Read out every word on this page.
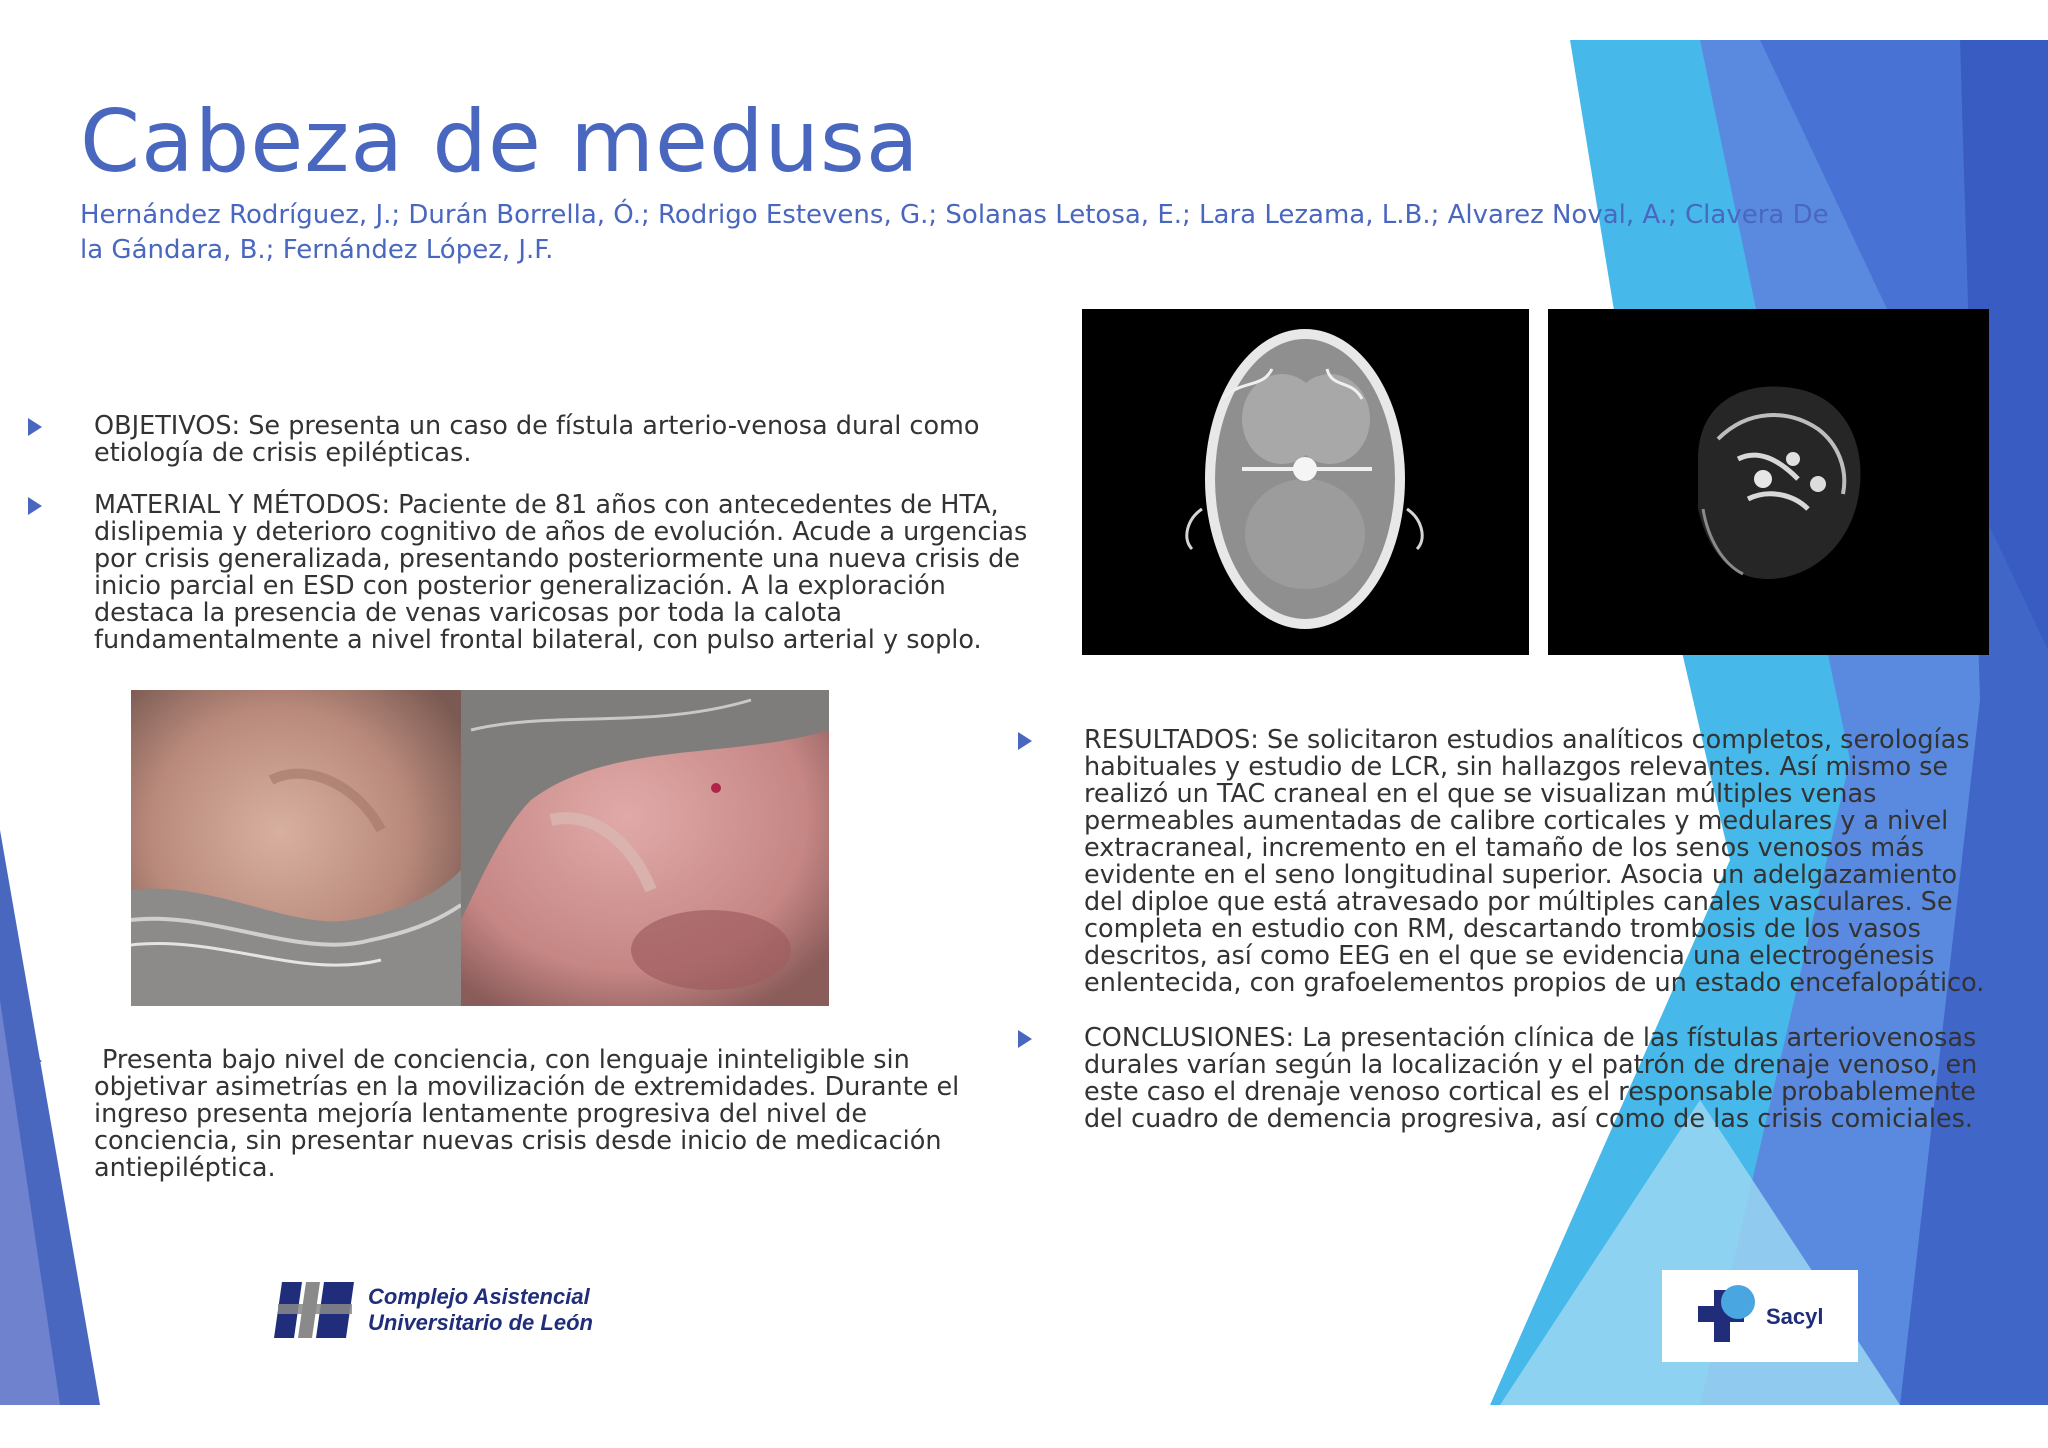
Cabeza de medusa
Hernández Rodríguez, J.; Durán Borrella, Ó.; Rodrigo Estevens, G.; Solanas Letosa, E.; Lara Lezama, L.B.; Alvarez Noval, A.; Clavera De la Gándara, B.; Fernández López, J.F.
OBJETIVOS: Se presenta un caso de fístula arterio-venosa dural como etiología de crisis epilépticas.
MATERIAL Y MÉTODOS: Paciente de 81 años con antecedentes de HTA, dislipemia y deterioro cognitivo de años de evolución. Acude a urgencias por crisis generalizada, presentando posteriormente una nueva crisis de inicio parcial en ESD con posterior generalización. A la exploración destaca la presencia de venas varicosas por toda la calota fundamentalmente a nivel frontal bilateral, con pulso arterial y soplo.
Presenta bajo nivel de conciencia, con lenguaje ininteligible sin objetivar asimetrías en la movilización de extremidades. Durante el ingreso presenta mejoría lentamente progresiva del nivel de conciencia, sin presentar nuevas crisis desde inicio de medicación antiepiléptica.
RESULTADOS: Se solicitaron estudios analíticos completos, serologías habituales y estudio de LCR, sin hallazgos relevantes. Así mismo se realizó un TAC craneal en el que se visualizan múltiples venas permeables aumentadas de calibre corticales y medulares y a nivel extracraneal, incremento en el tamaño de los senos venosos más evidente en el seno longitudinal superior. Asocia un adelgazamiento del diploe que está atravesado por múltiples canales vasculares. Se completa en estudio con RM, descartando trombosis de los vasos descritos, así como EEG en el que se evidencia una electrogénesis enlentecida, con grafoelementos propios de un estado encefalopático.
CONCLUSIONES: La presentación clínica de las fístulas arteriovenosas durales varían según la localización y el patrón de drenaje venoso, en este caso el drenaje venoso cortical es el responsable probablemente del cuadro de demencia progresiva, así como de las crisis comiciales.
Complejo Asistencial
Universitario de León	Sacyl
